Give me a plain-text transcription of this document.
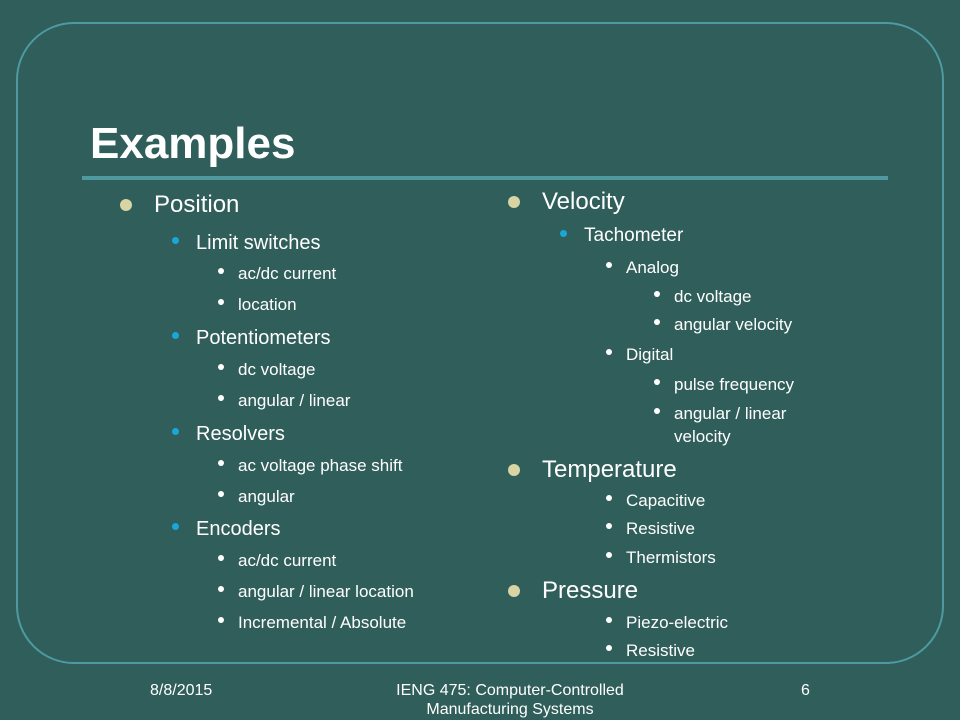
Examples
Position
Limit switches
ac/dc current
location
Potentiometers
dc voltage
angular / linear
Resolvers
ac voltage phase shift
angular
Encoders
ac/dc current
angular / linear location
Incremental / Absolute
Velocity
Tachometer
Analog
dc voltage
angular velocity
Digital
pulse frequency
angular / linear
velocity
Temperature
Capacitive
Resistive
Thermistors
Pressure
Piezo-electric
Resistive
8/8/2015	IENG 475: Computer-Controlled
Manufacturing Systems
6
